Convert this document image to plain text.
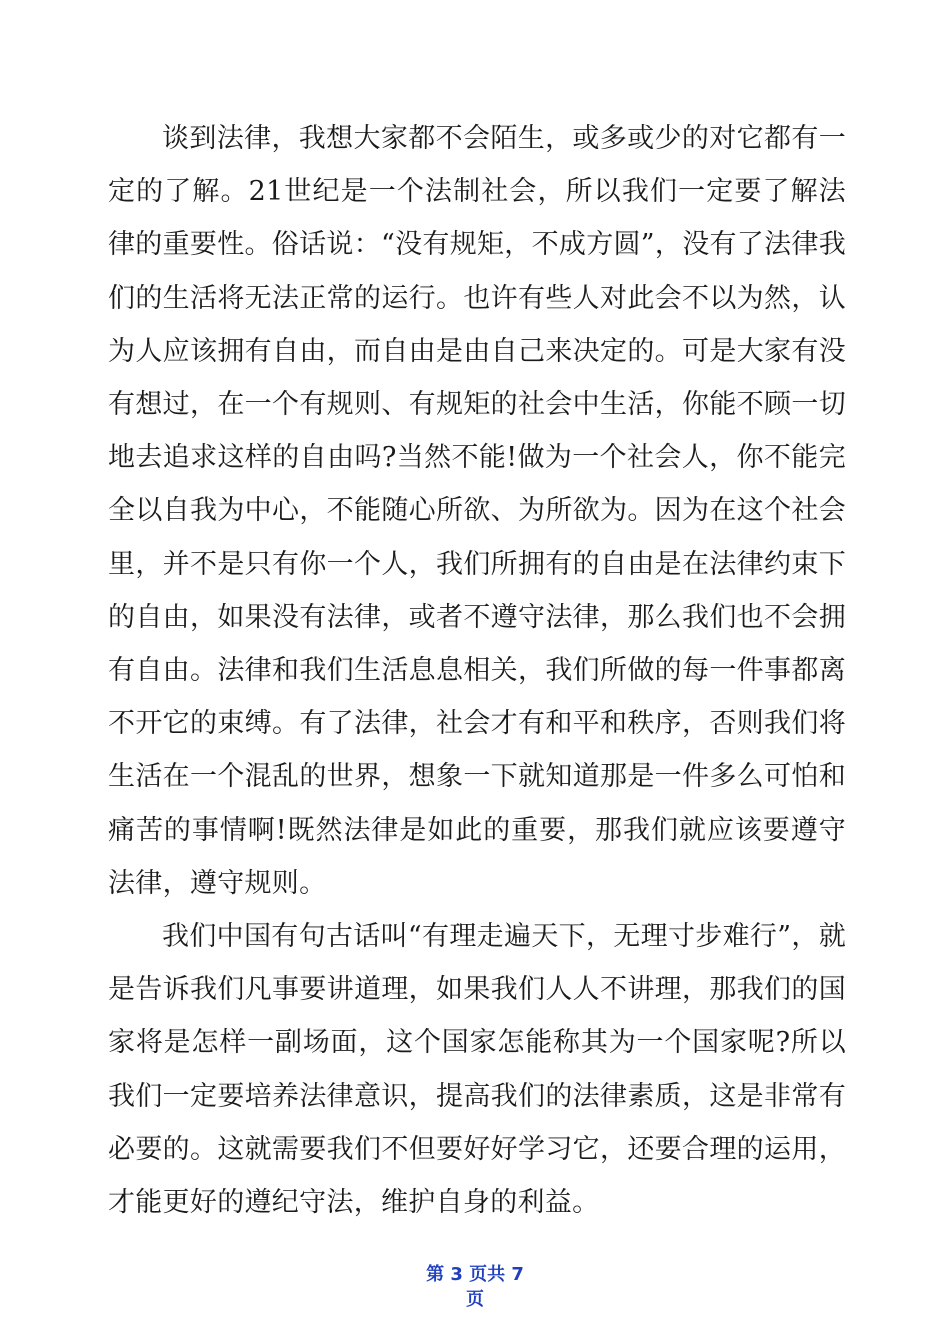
谈到法律，我想大家都不会陌生，或多或少的对它都有一定的了解。21世纪是一个法制社会，所以我们一定要了解法律的重要性。俗话说：“没有规矩，不成方圆”，没有了法律我们的生活将无法正常的运行。也许有些人对此会不以为然，认为人应该拥有自由，而自由是由自己来决定的。可是大家有没有想过，在一个有规则、有规矩的社会中生活，你能不顾一切地去追求这样的自由吗?当然不能!做为一个社会人，你不能完全以自我为中心，不能随心所欲、为所欲为。因为在这个社会里，并不是只有你一个人，我们所拥有的自由是在法律约束下的自由，如果没有法律，或者不遵守法律，那么我们也不会拥有自由。法律和我们生活息息相关，我们所做的每一件事都离不开它的束缚。有了法律，社会才有和平和秩序，否则我们将生活在一个混乱的世界，想象一下就知道那是一件多么可怕和痛苦的事情啊!既然法律是如此的重要，那我们就应该要遵守法律，遵守规则。

我们中国有句古话叫“有理走遍天下，无理寸步难行”，就是告诉我们凡事要讲道理，如果我们人人不讲理，那我们的国家将是怎样一副场面，这个国家怎能称其为一个国家呢?所以我们一定要培养法律意识，提高我们的法律素质，这是非常有必要的。这就需要我们不但要好好学习它，还要合理的运用，才能更好的遵纪守法，维护自身的利益。

第 3 页共 7
页
